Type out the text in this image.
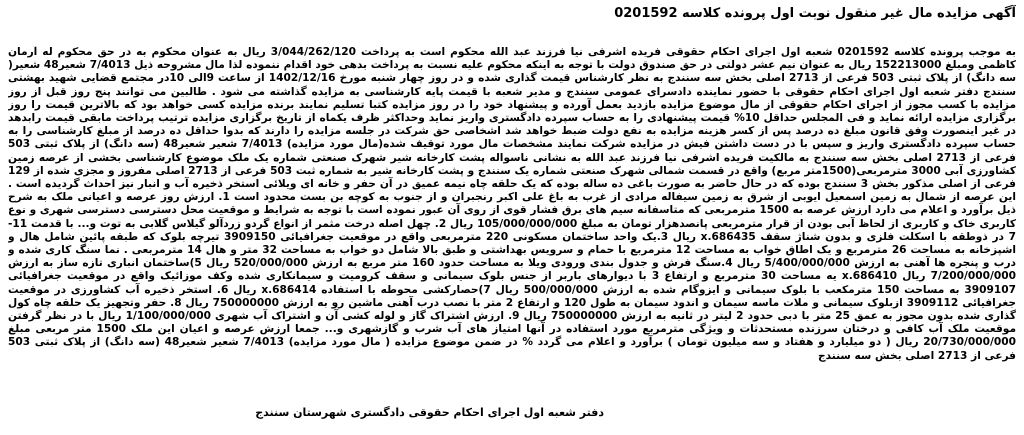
آگهی مزایده مال غیر منقول نوبت اول پرونده کلاسه 0201592
به موجب پرونده کلاسه 0201592 شعبه اول اجرای احکام حقوقی فریده اشرفی نیا فرزند عبد الله محکوم است به پرداخت 3/044/262/120 ریال به عنوان محکوم به در حق محکوم له آرمان کاظمی ومبلغ 152213000 ریال به عنوان نیم عشر دولتی در حق صندوق دولت با توجه به اینکه محکوم علیه نسبت به پرداخت بدهی خود اقدام ننموده لذا مال مشروحه ذیل 7/4013 شعیر48 شعیر( سه دانگ) از پلاک ثبتی 503 فرعی از 2713 اصلی بخش سه سنندج به نظر کارشناس قیمت گذاری شده و در روز چهار شنبه مورخ 1402/12/16 از ساعت 9الی 10در مجتمع قضایی شهید بهشتی سنندج دفتر شعبه اول اجرای احکام حقوقی با حضور نماینده دادسرای عمومی سنندج و مدیر شعبه با قیمت پایه کارشناسی به مزایده گذاشته می شود . طالبین می توانند پنج روز قبل از روز مزایده با کسب مجوز از اجرای احکام حقوقی از مال موضوع مزایده بازدید بعمل آورده و پیشنهاد خود را در روز مزایده کتبا تسلیم نمایند برنده مزایده کسی خواهد بود که بالاترین قیمت را روز برگزاری مزایده ارائه نماید و فی المجلس حداقل 10% قیمت پیشنهادی را به حساب سپرده دادگستری واریز نماید وحداکثر ظرف یکماه از تاریخ برگزاری مزایده ترتیب پرداخت مابقی قیمت رابدهد در غیر اینصورت وفق قانون مبلغ ده درصد پس از کسر هزینه مزایده به نفع دولت ضبط خواهد شد اشخاصی حق شرکت در جلسه مزایده را دارند که بدوا حداقل ده درصد از مبلغ کارشناسی را به حساب سپرده دادگستری واریز و سپس با در دست داشتن فیش در مزایده شرکت نمایند مشخصات مال مورد توقیف شده(مال مورد مزایده) 7/4013 شعیر شعیر48 (سه دانگ) از پلاک ثبتی 503 فرعی از 2713 اصلی بخش سه سنندج به مالکیت فریده اشرفی نیا فرزند عبد الله به نشانی ناسواله پشت کارخانه شیر شهرک صنعتی شماره یک ملک موضوع کارشناسی بخشی از عرصه زمین کشاورزی آبی 3000 مترمربعی(1500متر مربع) واقع در قسمت شمالی شهرک صنعتی شماره یک سنندج و پشت کارخانه شیر به شماره ثبت 503 فرعی از 2713 اصلی مفروز و مجزی شده از 129 فرعی از اصلی مذکور بخش 3 سنندج بوده که در حال حاضر به صورت باغی ده ساله بوده که یک حلقه چاه نیمه عمیق در آن حفر و خانه ای ویلائی استخر ذخیره آب و انبار نیز احداث گردیده است . این عرصه از شمال به زمین اسمعیل ایوبی از شرق به زمین سیفاله مرادی از غرب به باغ علی اکبر رنجبران و از جنوب به کوچه بن بست محدود است 1. ارزش روز عرصه و اعیانی ملک به شرح ذیل برآورد و اعلام می دارد ارزش عرصه به 1500 مترمربعی که متاسفانه سیم های برق فشار قوی از روی آن عبور نموده است با توجه به شرایط و موقعیت محل دسترسی دسترسی شهری و نوع کاربری خاک و کاربری از لحاظ آبی بودن از قرار مترمربعی پانصدهزار تومان به مبلغ 105/000/000/000 ریال 2. چهل اصله درخت مثمر از انواع گردو زردآلو گیلاس گلابی به توت و... با قدمت 11- 7 در ذوطقه با اسکلت فلزی و بدون شناژ سقف x.686435 ریال 3.یک واحد ساختمان مسکونی 220 مترمربعی واقع در موقعیت جغرافیائی 3909150 تیرچه بلوک که طبقه پائین شامل هال و اشپزخانه به مساحت 26 مترمربع و یک اطاق خواب به مساحت 12 مترمربع با حمام و سرویس بهداشتی و طبق بالا شامل دو خواب به مساحت 32 متر و هال 14 مترمربعی . نما سنگ کاری شده و درب و پنجره ها آهنی به ارزش 5/400/000/000 ریال 4.سنگ فرش و جدول بندی ورودی ویلا به مساحت حدود 160 متر مربع به ارزش 520/000/000 ریال 5)ساختمان انباری تازه ساز به ارزش 7/200/000/000 ریال x.686410 یه مساحت 30 مترمربع و ارتفاع 3 با دیوارهای باربر از جنس بلوک سیمانی و سقف کرومیت و سیمانکاری شده وکف موزائیک واقع در موقعیت جغرافیائی 3909107 به مساحت 150 مترمکعب با بلوک سیمانی و ایزوگام شده به ارزش 500/000/000 ریال 7)حصارکشی محوطه با استفاده x.686414 ریال 6. استخر ذخیره آب کشاورزی در موقعیت جغرافیائی 3909112 ازبلوک سیمانی و ملات ماسه سیمان و اندود سیمان به طول 120 و ارتفاع 2 متر با نصب درب آهنی ماشین رو به ارزش 750000000 ریال 8. حفر وتجهیز یک حلقه چاه کول گذاری شده بدون مجوز به عمق 25 متر با دبی حدود 2 لیتر در ثانیه به ارزش 750000000 ریال 9. ارزش اشتراک گاز و لوله کشی آن و اشتراک آب شهری 1/100/000/000 ریال با در نظر گرفتن موقعیت ملک آب کافی و درختان سرزنده مستحدثات و ویژگی مترمربع مورد استفاده در آنها امتیاز های آب شرب و گازشهری و... جمعا ارزش عرصه و اعیان این ملک 1500 متر مربعی مبلغ 20/730/000/000 ریال ( دو میلیارد و هفتاد و سه میلیون تومان ) برآورد و اعلام می گردد % در ضمن موضوع مزایده ( مال مورد مزایده) 7/4013 شعیر شعیر48 (سه دانگ) از پلاک ثبتی 503 فرعی از 2713 اصلی بخش سه سنندج
دفتر شعبه اول اجرای احکام حقوقی دادگستری شهرستان سنندج
